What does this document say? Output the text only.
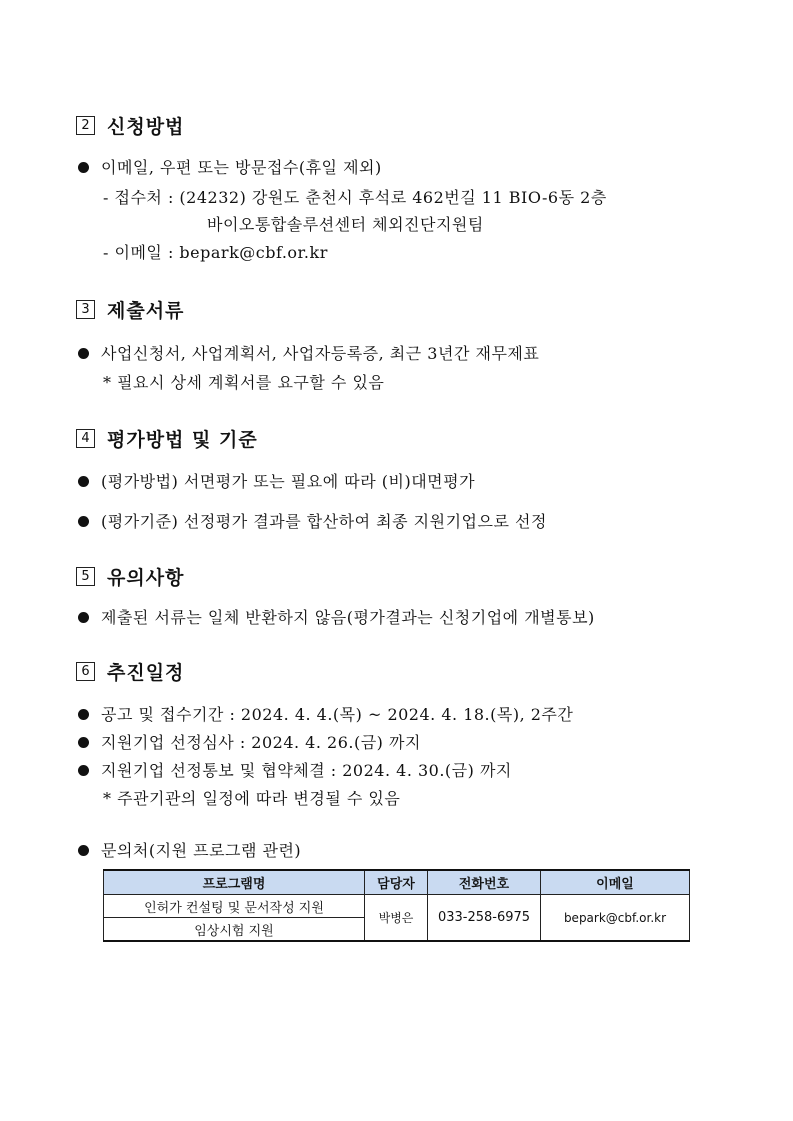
2 신청방법
이메일, 우편 또는 방문접수(휴일 제외)
- 접수처 : (24232) 강원도 춘천시 후석로 462번길 11 BIO-6동 2층
바이오통합솔루션센터 체외진단지원팀
- 이메일 : bepark@cbf.or.kr
3 제출서류
사업신청서, 사업계획서, 사업자등록증, 최근 3년간 재무제표
* 필요시 상세 계획서를 요구할 수 있음
4 평가방법 및 기준
(평가방법) 서면평가 또는 필요에 따라 (비)대면평가
(평가기준) 선정평가 결과를 합산하여 최종 지원기업으로 선정
5 유의사항
제출된 서류는 일체 반환하지 않음(평가결과는 신청기업에 개별통보)
6 추진일정
공고 및 접수기간 : 2024. 4. 4.(목) ~ 2024. 4. 18.(목), 2주간
지원기업 선정심사 : 2024. 4. 26.(금) 까지
지원기업 선정통보 및 협약체결 : 2024. 4. 30.(금) 까지
* 주관기관의 일정에 따라 변경될 수 있음
문의처(지원 프로그램 관련)
프로그램명	담당자	전화번호	이메일
인허가 컨설팅 및 문서작성 지원	박병은	033-258-6975	bepark@cbf.or.kr
임상시험 지원			
